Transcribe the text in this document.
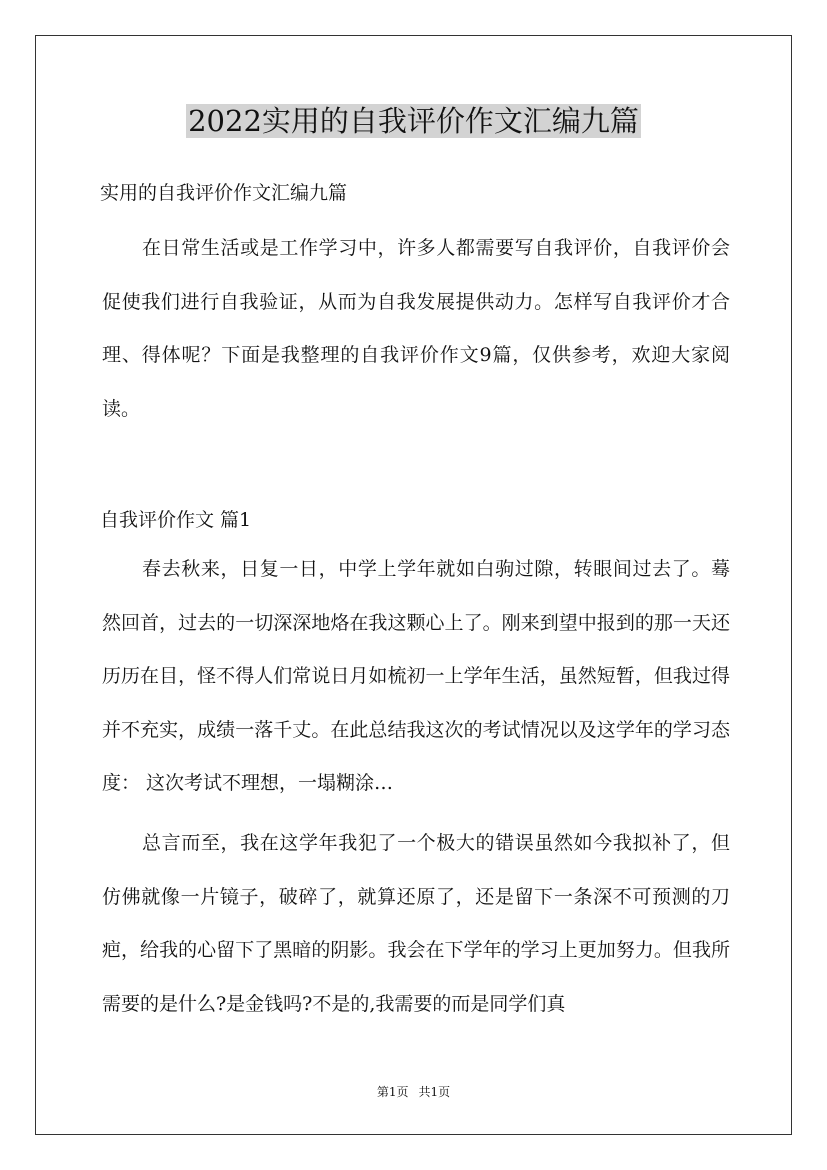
2022实用的自我评价作文汇编九篇

实用的自我评价作文汇编九篇

在日常生活或是工作学习中，许多人都需要写自我评价，自我评价会促使我们进行自我验证，从而为自我发展提供动力。怎样写自我评价才合理、得体呢？下面是我整理的自我评价作文9篇，仅供参考，欢迎大家阅读。

自我评价作文 篇1

春去秋来，日复一日，中学上学年就如白驹过隙，转眼间过去了。蓦然回首，过去的一切深深地烙在我这颗心上了。刚来到望中报到的那一天还历历在目，怪不得人们常说日月如梳初一上学年生活，虽然短暂，但我过得并不充实，成绩一落千丈。在此总结我这次的考试情况以及这学年的学习态度： 这次考试不理想，一塌糊涂…

总言而至，我在这学年我犯了一个极大的错误虽然如今我拟补了，但仿佛就像一片镜子，破碎了，就算还原了，还是留下一条深不可预测的刀疤，给我的心留下了黑暗的阴影。我会在下学年的学习上更加努力。但我所需要的是什么?是金钱吗?不是的,我需要的而是同学们真

第1页 共1页
